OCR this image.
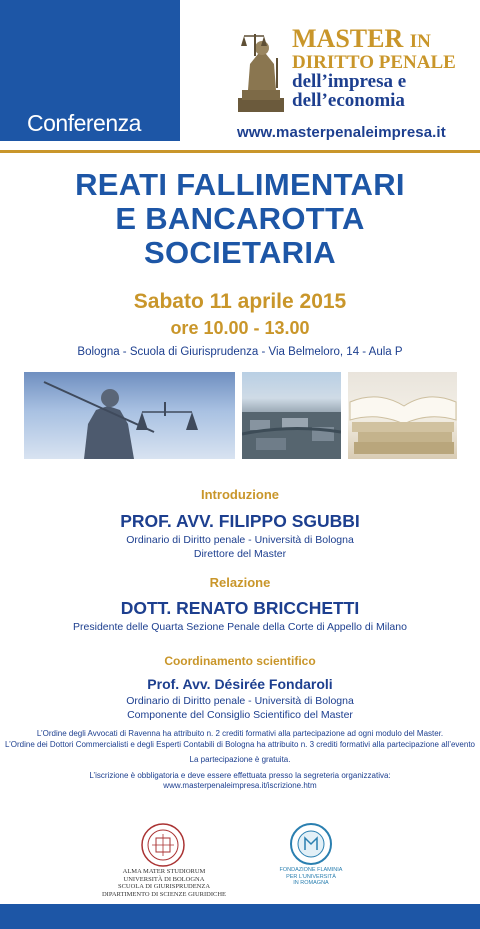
Conferenza
MASTER IN
DIRITTO PENALE
dell’impresa e
dell’economia
www.masterpenaleimpresa.it
REATI FALLIMENTARI
E BANCAROTTA
SOCIETARIA
Sabato 11 aprile 2015
ore 10.00 - 13.00
Bologna - Scuola di Giurisprudenza - Via Belmeloro, 14 - Aula P
Introduzione
PROF. AVV. FILIPPO SGUBBI
Ordinario di Diritto penale - Università di Bologna
Direttore del Master
Relazione
DOTT. RENATO BRICCHETTI
Presidente delle Quarta Sezione Penale della Corte di Appello di Milano
Coordinamento scientifico
Prof. Avv. Désirée Fondaroli
Ordinario di Diritto penale - Università di Bologna
Componente del Consiglio Scientifico del Master

L’Ordine degli Avvocati di Ravenna ha attribuito n. 2 crediti formativi alla partecipazione ad ogni modulo del Master.

L’Ordine dei Dottori Commercialisti e degli Esperti Contabili di Bologna ha attribuito n. 3 crediti formativi alla partecipazione all’evento

La partecipazione è gratuita.

L’iscrizione è obbligatoria e deve essere effettuata presso la segreteria organizzativa:

www.masterpenaleimpresa.it/iscrizione.htm

ALMA MATER STUDIORUM
UNIVERSITÀ DI BOLOGNA
SCUOLA DI GIURISPRUDENZA
DIPARTIMENTO DI SCIENZE GIURIDICHE
FONDAZIONE FLAMINIA
PER L’UNIVERSITÀ
IN ROMAGNA
